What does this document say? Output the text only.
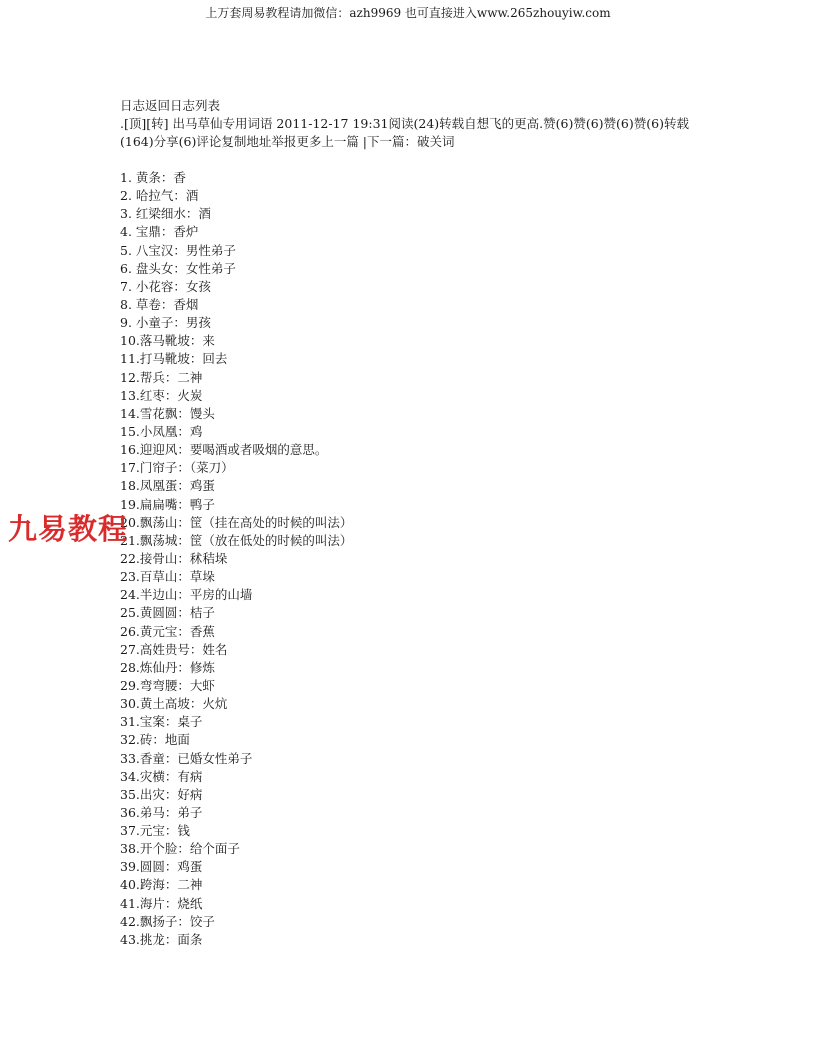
上万套周易教程请加微信：azh9969 也可直接进入www.265zhouyiw.com
日志返回日志列表
.[顶][转] 出马草仙专用词语 2011-12-17 19:31阅读(24)转载自想飞的更高.赞(6)赞(6)赞(6)赞(6)转载(164)分享(6)评论复制地址举报更多上一篇 |下一篇：破关词
1. 黄条：香
2. 哈拉气：酒
3. 红梁细水：酒
4. 宝鼎：香炉
5. 八宝汉：男性弟子
6. 盘头女：女性弟子
7. 小花容：女孩
8. 草卷：香烟
9. 小童子：男孩
10.落马靴坡：来
11.打马靴坡：回去
12.帮兵：二神
13.红枣：火炭
14.雪花飘：馒头
15.小凤凰：鸡
16.迎迎风：要喝酒或者吸烟的意思。
17.门帘子：（菜刀）
18.凤凰蛋：鸡蛋
19.扁扁嘴：鸭子
20.飘荡山：筐（挂在高处的时候的叫法）
21.飘荡城：筐（放在低处的时候的叫法）
22.接骨山：秫秸垛
23.百草山：草垛
24.半边山：平房的山墙
25.黄圆圆：桔子
26.黄元宝：香蕉
27.高姓贵号：姓名
28.炼仙丹：修炼
29.弯弯腰：大虾
30.黄土高坡：火炕
31.宝案：桌子
32.砖：地面
33.香童：已婚女性弟子
34.灾横：有病
35.出灾：好病
36.弟马：弟子
37.元宝：钱
38.开个脸：给个面子
39.圆圆：鸡蛋
40.跨海：二神
41.海片：烧纸
42.飘扬子：饺子
43.挑龙：面条
九易教程
